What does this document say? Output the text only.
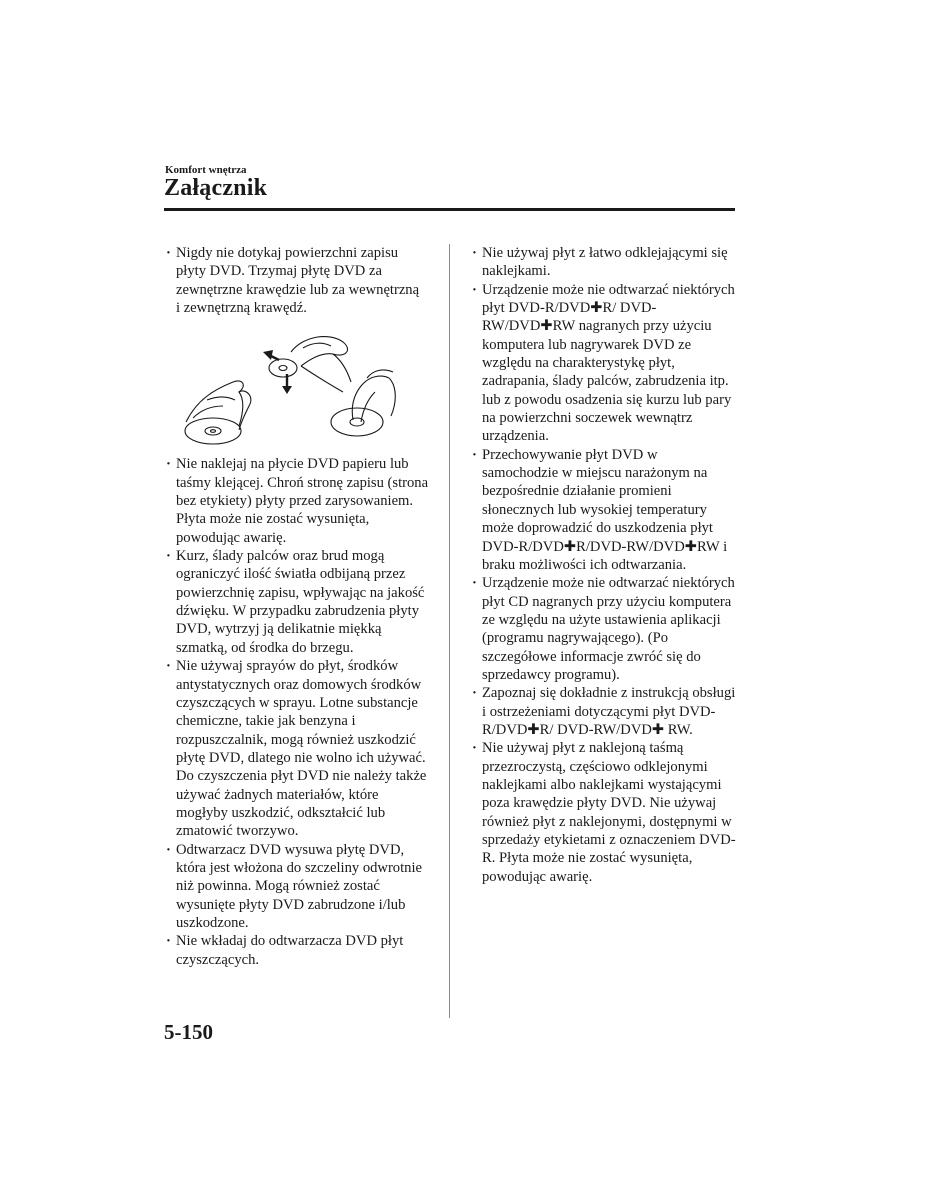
Komfort wnętrza
Załącznik
· Nigdy nie dotykaj powierzchni zapisu płyty DVD. Trzymaj płytę DVD za zewnętrzne krawędzie lub za wewnętrzną i zewnętrzną krawędź.
· Nie naklejaj na płycie DVD papieru lub taśmy klejącej. Chroń stronę zapisu (strona bez etykiety) płyty przed zarysowaniem. Płyta może nie zostać wysunięta, powodując awarię.
· Kurz, ślady palców oraz brud mogą ograniczyć ilość światła odbijaną przez powierzchnię zapisu, wpływając na jakość dźwięku. W przypadku zabrudzenia płyty DVD, wytrzyj ją delikatnie miękką szmatką, od środka do brzegu.
· Nie używaj sprayów do płyt, środków antystatycznych oraz domowych środków czyszczących w sprayu. Lotne substancje chemiczne, takie jak benzyna i rozpuszczalnik, mogą również uszkodzić płytę DVD, dlatego nie wolno ich używać. Do czyszczenia płyt DVD nie należy także używać żadnych materiałów, które mogłyby uszkodzić, odkształcić lub zmatowić tworzywo.
· Odtwarzacz DVD wysuwa płytę DVD, która jest włożona do szczeliny odwrotnie niż powinna. Mogą również zostać wysunięte płyty DVD zabrudzone i/lub uszkodzone.
· Nie wkładaj do odtwarzacza DVD płyt czyszczących.
· Nie używaj płyt z łatwo odklejającymi się naklejkami.
· Urządzenie może nie odtwarzać niektórych płyt DVD-R/DVD✚R/ DVD-RW/DVD✚RW nagranych przy użyciu komputera lub nagrywarek DVD ze względu na charakterystykę płyt, zadrapania, ślady palców, zabrudzenia itp. lub z powodu osadzenia się kurzu lub pary na powierzchni soczewek wewnątrz urządzenia.
· Przechowywanie płyt DVD w samochodzie w miejscu narażonym na bezpośrednie działanie promieni słonecznych lub wysokiej temperatury może doprowadzić do uszkodzenia płyt DVD-R/DVD✚R/DVD-RW/DVD✚RW i braku możliwości ich odtwarzania.
· Urządzenie może nie odtwarzać niektórych płyt CD nagranych przy użyciu komputera ze względu na użyte ustawienia aplikacji (programu nagrywającego). (Po szczegółowe informacje zwróć się do sprzedawcy programu).
· Zapoznaj się dokładnie z instrukcją obsługi i ostrzeżeniami dotyczącymi płyt DVD-R/DVD✚R/ DVD-RW/DVD✚ RW.
· Nie używaj płyt z naklejoną taśmą przezroczystą, częściowo odklejonymi naklejkami albo naklejkami wystającymi poza krawędzie płyty DVD. Nie używaj również płyt z naklejonymi, dostępnymi w sprzedaży etykietami z oznaczeniem DVD-R. Płyta może nie zostać wysunięta, powodując awarię.
5-150
